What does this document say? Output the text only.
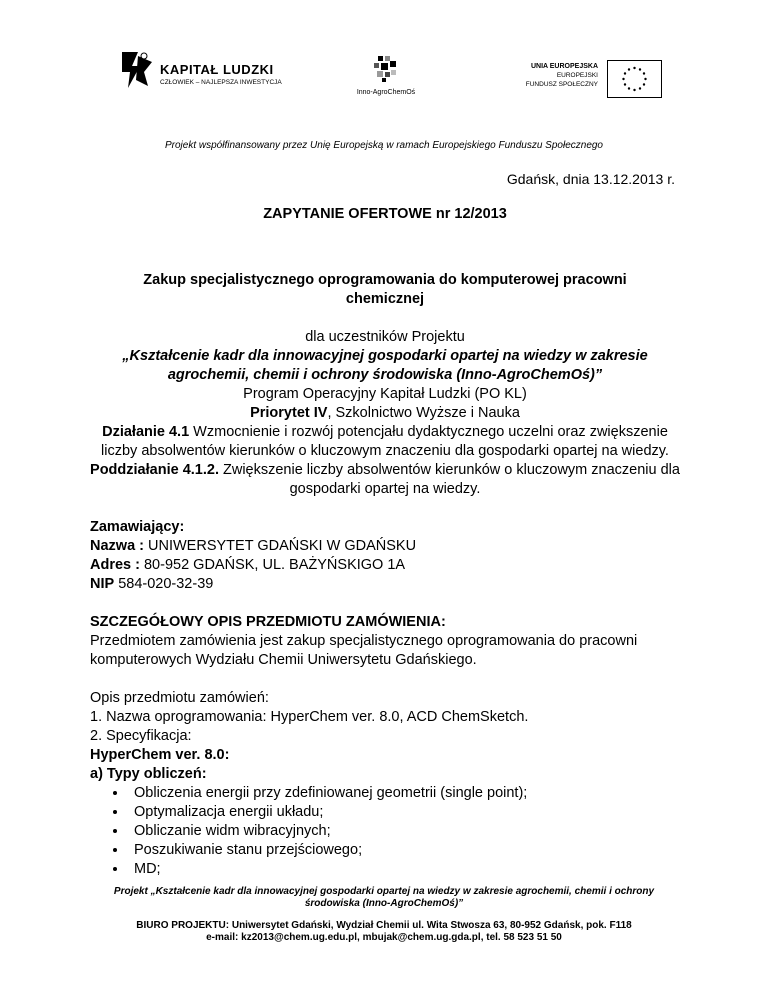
KAPITAŁ LUDZKI
CZŁOWIEK – NAJLEPSZA INWESTYCJA
Inno-AgroChemOś
UNIA EUROPEJSKA
EUROPEJSKI
FUNDUSZ SPOŁECZNY
Projekt współfinansowany przez Unię Europejską w ramach Europejskiego Funduszu Społecznego
Gdańsk, dnia 13.12.2013 r.

ZAPYTANIE OFERTOWE nr 12/2013

Zakup specjalistycznego oprogramowania do komputerowej pracowni chemicznej

dla uczestników Projektu

„Kształcenie kadr dla innowacyjnej gospodarki opartej na wiedzy w zakresie agrochemii, chemii i ochrony środowiska (Inno-AgroChemOś)”

Program Operacyjny Kapitał Ludzki (PO KL)

Priorytet IV, Szkolnictwo Wyższe i Nauka

Działanie 4.1 Wzmocnienie i rozwój potencjału dydaktycznego uczelni oraz zwiększenie liczby absolwentów kierunków o kluczowym znaczeniu dla gospodarki opartej na wiedzy.

Poddziałanie 4.1.2. Zwiększenie liczby absolwentów kierunków o kluczowym znaczeniu dla gospodarki opartej na wiedzy.

Zamawiający:

Nazwa : UNIWERSYTET GDAŃSKI W GDAŃSKU

Adres : 80-952 GDAŃSK, UL. BAŻYŃSKIGO 1A

NIP 584-020-32-39

SZCZEGÓŁOWY OPIS PRZEDMIOTU ZAMÓWIENIA:

Przedmiotem zamówienia jest zakup specjalistycznego oprogramowania do pracowni komputerowych Wydziału Chemii Uniwersytetu Gdańskiego.

Opis przedmiotu zamówień:

1. Nazwa oprogramowania: HyperChem ver. 8.0, ACD ChemSketch.

2. Specyfikacja:

HyperChem ver. 8.0:

a) Typy obliczeń:

• Obliczenia energii przy zdefiniowanej geometrii (single point);
• Optymalizacja energii układu;
• Obliczanie widm wibracyjnych;
• Poszukiwanie stanu przejściowego;
• MD;
Projekt „Kształcenie kadr dla innowacyjnej gospodarki opartej na wiedzy w zakresie agrochemii, chemii i ochrony środowiska (Inno-AgroChemOś)”
BIURO PROJEKTU: Uniwersytet Gdański, Wydział Chemii ul. Wita Stwosza 63, 80-952 Gdańsk, pok. F118
e-mail: kz2013@chem.ug.edu.pl, mbujak@chem.ug.gda.pl, tel. 58 523 51 50
